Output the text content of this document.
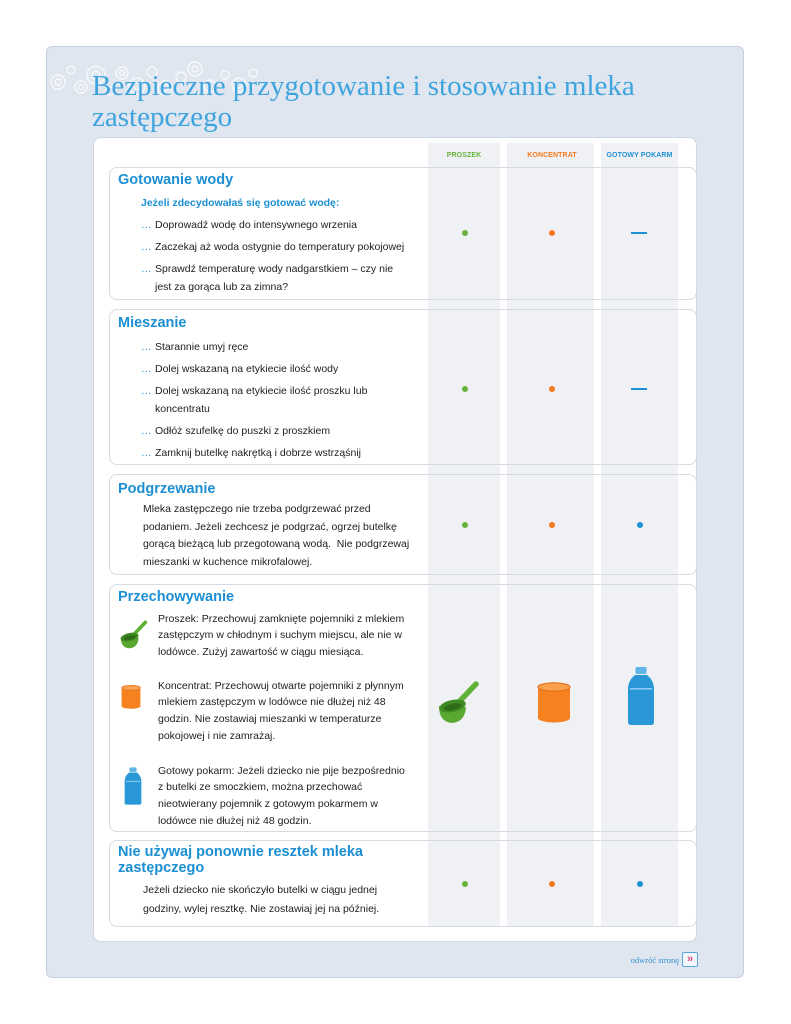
Bezpieczne przygotowanie i stosowanie mleka zastępczego
PROSZEK	KONCENTRAT	GOTOWY POKARM
Gotowanie wody
Jeżeli zdecydowałaś się gotować wodę:
… Doprowadź wodę do intensywnego wrzenia
… Zaczekaj aż woda ostygnie do temperatury pokojowej
… Sprawdź temperaturę wody nadgarstkiem – czy nie
jest za gorąca lub za zimna?
Mieszanie
… Starannie umyj ręce
… Dolej wskazaną na etykiecie ilość wody
… Dolej wskazaną na etykiecie ilość proszku lub
koncentratu
… Odłóż szufelkę do puszki z proszkiem
… Zamknij butelkę nakrętką i dobrze wstrząśnij
Podgrzewanie
Mleka zastępczego nie trzeba podgrzewać przed
podaniem. Jeżeli zechcesz je podgrzać, ogrzej butelkę
gorącą bieżącą lub przegotowaną wodą.  Nie podgrzewaj
mieszanki w kuchence mikrofalowej.
Przechowywanie
Proszek: Przechowuj zamknięte pojemniki z mlekiem
zastępczym w chłodnym i suchym miejscu, ale nie w
lodówce. Zużyj zawartość w ciągu miesiąca.
Koncentrat: Przechowuj otwarte pojemniki z płynnym
mlekiem zastępczym w lodówce nie dłużej niż 48
godzin. Nie zostawiaj mieszanki w temperaturze
pokojowej i nie zamrażaj.
Gotowy pokarm: Jeżeli dziecko nie pije bezpośrednio
z butelki ze smoczkiem, można przechować
nieotwierany pojemnik z gotowym pokarmem w
lodówce nie dłużej niż 48 godzin.
Nie używaj ponownie resztek mleka zastępczego
Jeżeli dziecko nie skończyło butelki w ciągu jednej
godziny, wylej resztkę. Nie zostawiaj jej na później.
odwróć stronę »
